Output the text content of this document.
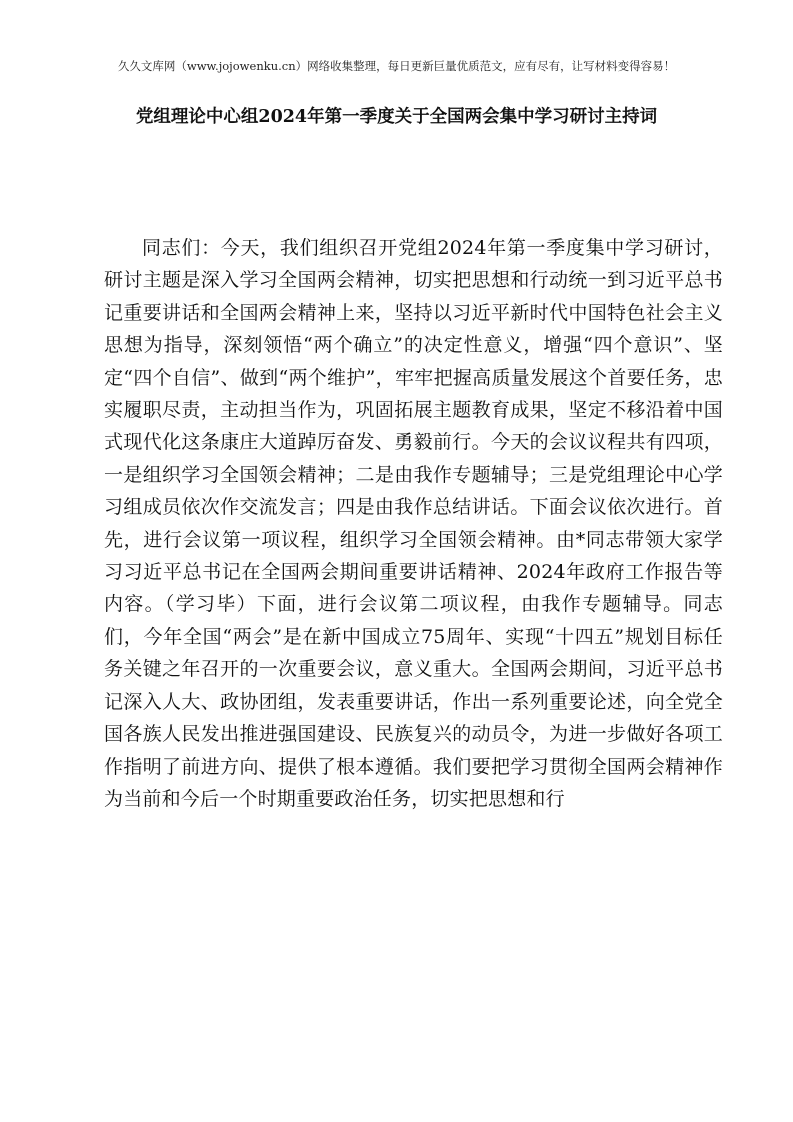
久久文库网（www.jojowenku.cn）网络收集整理，每日更新巨量优质范文，应有尽有，让写材料变得容易！
党组理论中心组2024年第一季度关于全国两会集中学习研讨主持词

同志们：今天，我们组织召开党组2024年第一季度集中学习研讨，研讨主题是深入学习全国两会精神，切实把思想和行动统一到习近平总书记重要讲话和全国两会精神上来，坚持以习近平新时代中国特色社会主义思想为指导，深刻领悟“两个确立”的决定性意义，增强“四个意识”、坚定“四个自信”、做到“两个维护”，牢牢把握高质量发展这个首要任务，忠实履职尽责，主动担当作为，巩固拓展主题教育成果，坚定不移沿着中国式现代化这条康庄大道踔厉奋发、勇毅前行。今天的会议议程共有四项，一是组织学习全国领会精神；二是由我作专题辅导；三是党组理论中心学习组成员依次作交流发言；四是由我作总结讲话。下面会议依次进行。首先，进行会议第一项议程，组织学习全国领会精神。由*同志带领大家学习习近平总书记在全国两会期间重要讲话精神、2024年政府工作报告等内容。（学习毕）下面，进行会议第二项议程，由我作专题辅导。同志们，今年全国“两会”是在新中国成立75周年、实现“十四五”规划目标任务关键之年召开的一次重要会议，意义重大。全国两会期间，习近平总书记深入人大、政协团组，发表重要讲话，作出一系列重要论述，向全党全国各族人民发出推进强国建设、民族复兴的动员令，为进一步做好各项工作指明了前进方向、提供了根本遵循。我们要把学习贯彻全国两会精神作为当前和今后一个时期重要政治任务，切实把思想和行
